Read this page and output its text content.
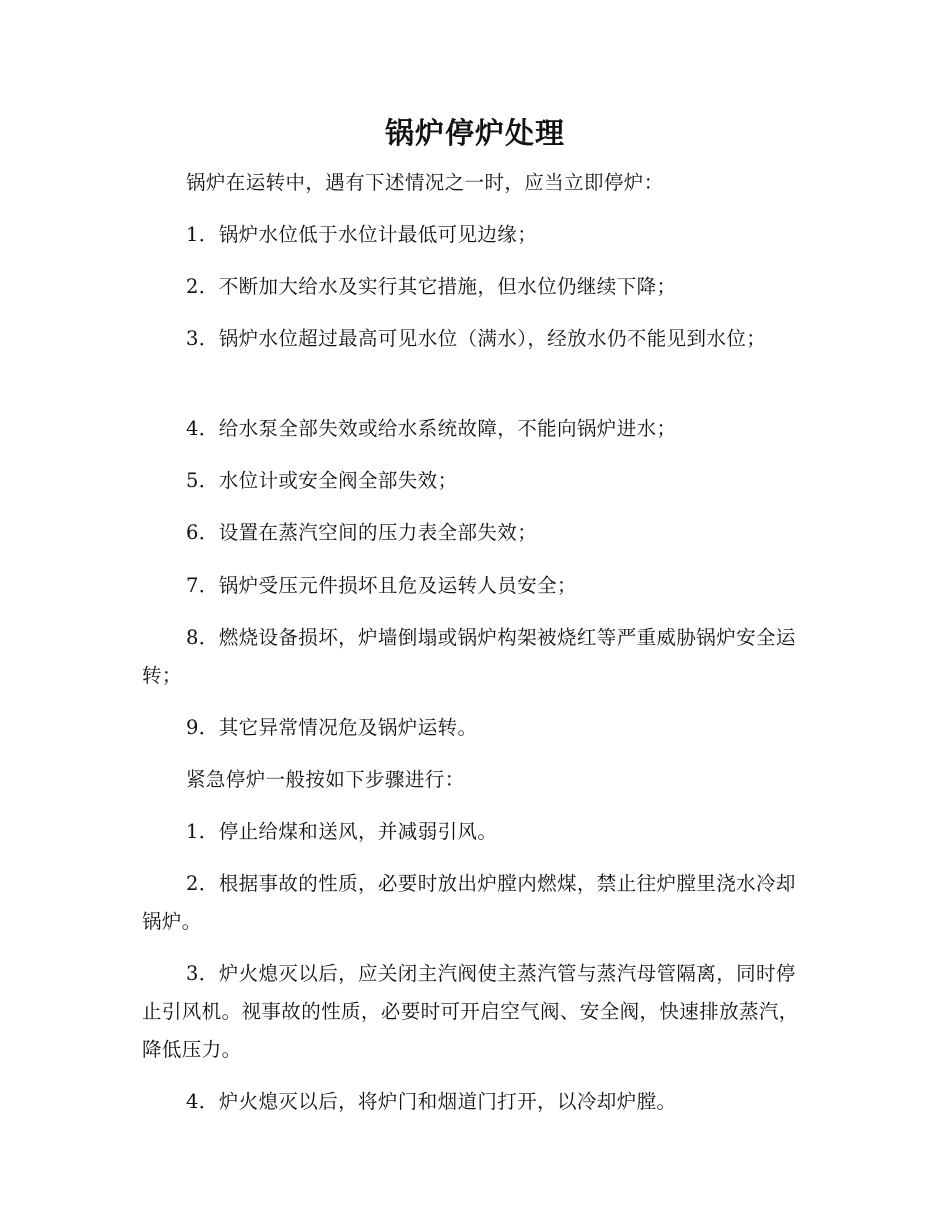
锅炉停炉处理

锅炉在运转中，遇有下述情况之一时，应当立即停炉：

1．锅炉水位低于水位计最低可见边缘；

2．不断加大给水及实行其它措施，但水位仍继续下降；

3．锅炉水位超过最高可见水位（满水），经放水仍不能见到水位；

4．给水泵全部失效或给水系统故障，不能向锅炉进水；

5．水位计或安全阀全部失效；

6．设置在蒸汽空间的压力表全部失效；

7．锅炉受压元件损坏且危及运转人员安全；

8．燃烧设备损坏，炉墙倒塌或锅炉构架被烧红等严重威胁锅炉安全运转；

9．其它异常情况危及锅炉运转。

紧急停炉一般按如下步骤进行：

1．停止给煤和送风，并减弱引风。

2．根据事故的性质，必要时放出炉膛内燃煤，禁止往炉膛里浇水冷却锅炉。

3．炉火熄灭以后，应关闭主汽阀使主蒸汽管与蒸汽母管隔离，同时停止引风机。视事故的性质，必要时可开启空气阀、安全阀，快速排放蒸汽，降低压力。

4．炉火熄灭以后，将炉门和烟道门打开，以冷却炉膛。
